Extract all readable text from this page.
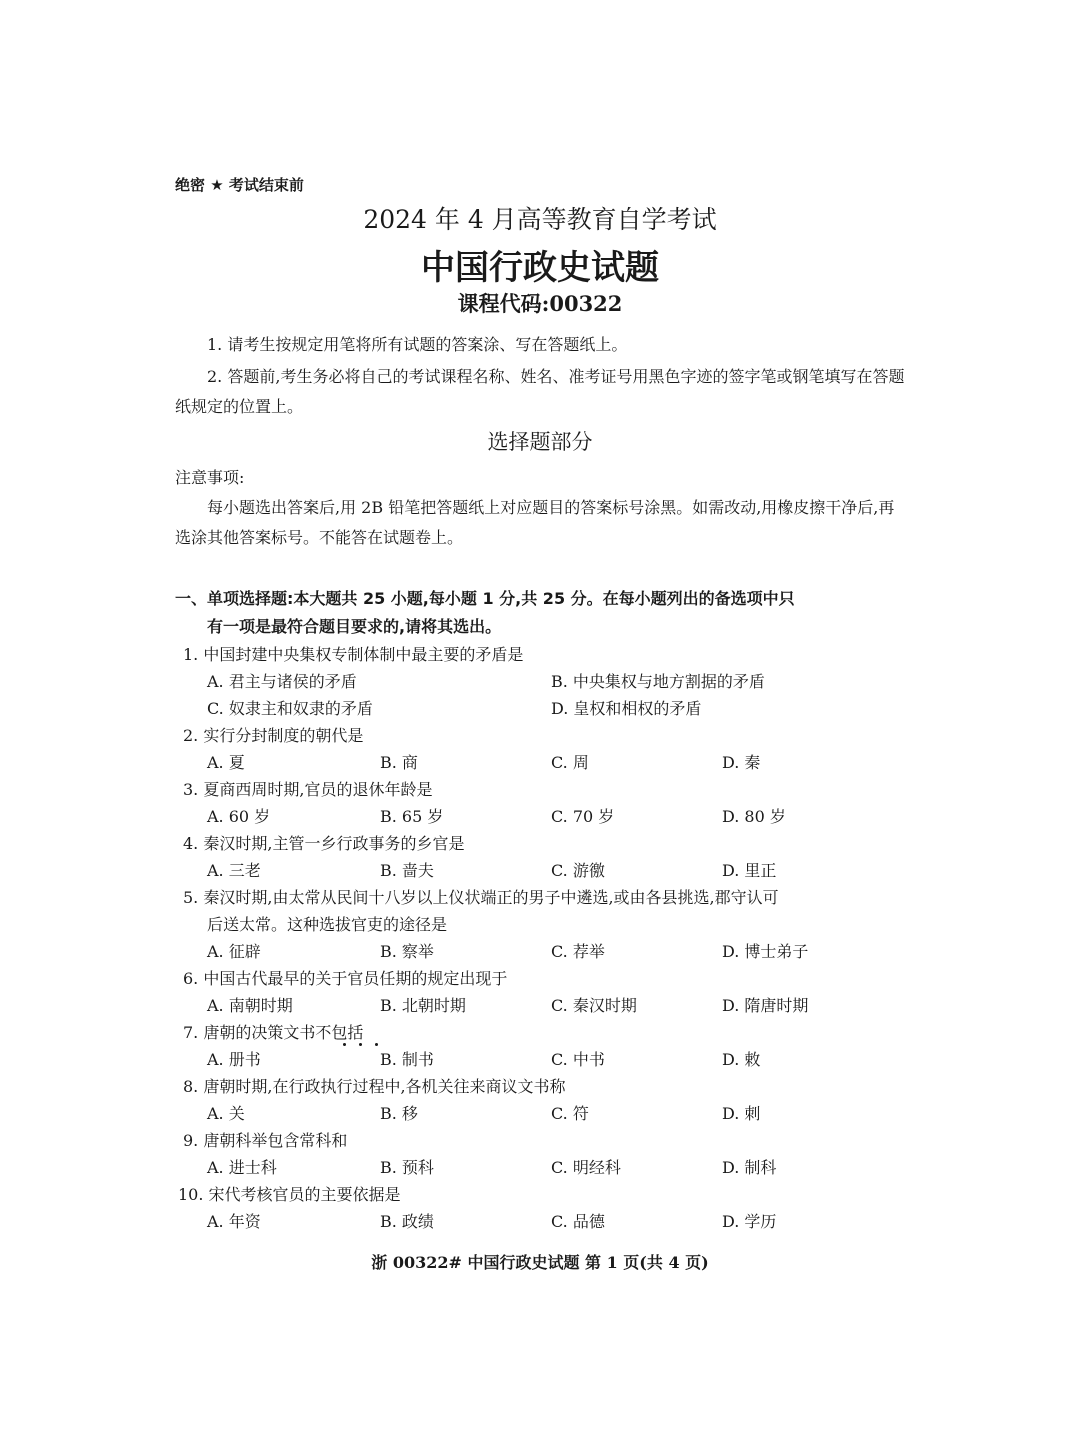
绝密 ★ 考试结束前
2024 年 4 月高等教育自学考试
中国行政史试题
课程代码:00322
1. 请考生按规定用笔将所有试题的答案涂、写在答题纸上。
2. 答题前,考生务必将自己的考试课程名称、姓名、准考证号用黑色字迹的签字笔或钢笔填写在答题纸规定的位置上。
选择题部分
注意事项:
每小题选出答案后,用 2B 铅笔把答题纸上对应题目的答案标号涂黑。如需改动,用橡皮擦干净后,再选涂其他答案标号。不能答在试题卷上。
一、单项选择题:本大题共 25 小题,每小题 1 分,共 25 分。在每小题列出的备选项中只
有一项是最符合题目要求的,请将其选出。
1. 中国封建中央集权专制体制中最主要的矛盾是
A. 君主与诸侯的矛盾	B. 中央集权与地方割据的矛盾
C. 奴隶主和奴隶的矛盾	D. 皇权和相权的矛盾
2. 实行分封制度的朝代是
A. 夏	B. 商	C. 周	D. 秦
3. 夏商西周时期,官员的退休年龄是
A. 60 岁	B. 65 岁	C. 70 岁	D. 80 岁
4. 秦汉时期,主管一乡行政事务的乡官是
A. 三老	B. 啬夫	C. 游徼	D. 里正
5. 秦汉时期,由太常从民间十八岁以上仪状端正的男子中遴选,或由各县挑选,郡守认可
后送太常。这种选拔官吏的途径是
A. 征辟	B. 察举	C. 荐举	D. 博士弟子
6. 中国古代最早的关于官员任期的规定出现于
A. 南朝时期	B. 北朝时期	C. 秦汉时期	D. 隋唐时期
7. 唐朝的决策文书不包括
A. 册书	B. 制书	C. 中书	D. 敕
8. 唐朝时期,在行政执行过程中,各机关往来商议文书称
A. 关	B. 移	C. 符	D. 刺
9. 唐朝科举包含常科和
A. 进士科	B. 预科	C. 明经科	D. 制科
10. 宋代考核官员的主要依据是
A. 年资	B. 政绩	C. 品德	D. 学历
浙 00322# 中国行政史试题 第 1 页(共 4 页)
